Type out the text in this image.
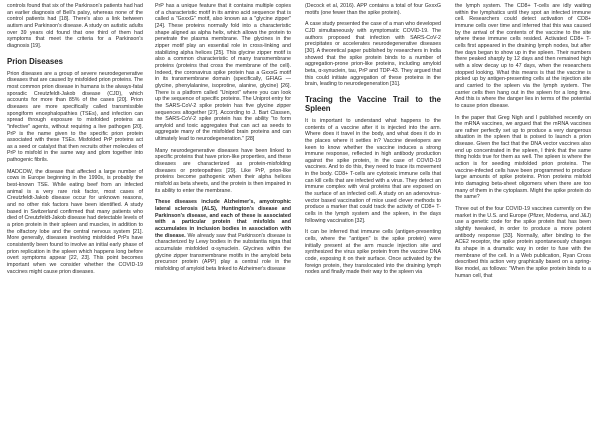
controls found that six of the Parkinson's patients had had an earlier diagnosis of Bell's palsy, whereas none of the control patients had [18]. There's also a link between autism and Parkinson's disease. A study on autistic adults over 39 years old found that one third of them had symptoms that meet the criteria for a Parkinson's diagnosis [19].

Prion Diseases

Prion diseases are a group of severe neurodegenerative diseases that are caused by misfolded prion proteins. The most common prion disease in humans is the always-fatal sporadic Creutzfeldt-Jakob disease (CJD), which accounts for more than 85% of the cases [20]. Prion diseases are more specifically called transmissible spongiform encephalopathies (TSEs), and infection can spread through exposure to misfolded proteins as "infective" agents, without requiring a live pathogen [20]. PrP is the name given to the specific prion protein associated with these TSEs. Misfolded PrP proteins act as a seed or catalyst that then recruits other molecules of PrP to misfold in the same way and glom together into pathogenic fibrils.

MADCOW, the disease that affected a large number of cows in Europe beginning in the 1990s, is probably the best-known TSE. While eating beef from an infected animal is a very rare risk factor, most cases of Creutzfeldt-Jakob disease occur for unknown reasons, and no other risk factors have been identified. A study based in Switzerland confirmed that many patients who died of Creutzfeldt-Jakob disease had detectable levels of a prion protein in their spleen and muscles, in addition to the olfactory lobe and the central nervous system [21]. More generally, diseases involving misfolded PrPs have consistently been found to involve an initial early phase of prion replication in the spleen which happens long before overt symptoms appear [22, 23]. This point becomes important when we consider whether the COVID-19 vaccines might cause prion diseases.

PrP has a unique feature that it contains multiple copies of a characteristic motif in its amino acid sequence that is called a "GxxxG" motif, also known as a "glycine zipper" [24]. These proteins normally fold into a characteristic shape aligned as alpha helix, which allows the protein to penetrate the plasma membrane. The glycines in the zipper motif play an essential role in cross-linking and stabilizing alpha helices [25]. This glycine zipper motif is also a common characteristic of many transmembrane proteins (proteins that cross the membrane of the cell). Indeed, the coronavirus spike protein has a GxxxG motif in its transmembrane domain (specifically, GFIAG — glycine, phenylalanine, isoprotine, alanine, glycine) [26]. There is a platform called "Uniprot" where you can look up the sequence of specific proteins. The Uniprot entry for the SARS-CoV-2 spike protein has five glycine zipper sequences altogether [27]. According to J. Bart Classen, the SARS-CoV-2 spike protein has the ability "to form amyloid and toxic aggregates that can act as seeds to aggregate many of the misfolded brain proteins and can ultimately lead to neurodegeneration." [28]

Many neurodegenerative diseases have been linked to specific proteins that have prion-like properties, and these diseases are characterized as protein-misfolding diseases or proteopathies [29]. Like PrP, prion-like proteins become pathogenic when their alpha helices misfold as beta sheets, and the protein is then impaired in its ability to enter the membrane.

These diseases include Alzheimer's, amyotrophic lateral sclerosis (ALS), Huntington's disease and Parkinson's disease, and each of these is associated with a particular protein that misfolds and accumulates in inclusion bodies in association with the disease. We already saw that Parkinson's disease is characterized by Lewy bodies in the substantia nigra that accumulate misfolded α-synuclein. Glycines within the glycine zipper transmembrane motifs in the amyloid beta precursor protein (APP) play a central role in the misfolding of amyloid beta linked to Alzheimer's disease

(Decock et al, 2016). APP contains a total of four GxxxG motifs (one fewer than the spike protein).

A case study presented the case of a man who developed CJD simultaneously with symptomatic COVID-19. The authors proposed that infection with SARS-CoV-2 precipitates or accelerates neurodegenerative diseases [30]. A theoretical paper published by researchers in India showed that the spike protein binds to a number of aggregation-prone prion-like proteins, including amyloid beta, α-synuclein, tau, PrP and TDP-43. They argued that this could initiate aggregation of these proteins in the brain, leading to neurodegeneration [31].

Tracing the Vaccine Trail to the Spleen

It is important to understand what happens to the contents of a vaccine after it is injected into the arm. Where does it travel in the body, and what does it do in the places where it settles in? Vaccine developers are keen to know whether the vaccine induces a strong immune response, reflected in high antibody production against the spike protein, in the case of COVID-19 vaccines. And to do this, they need to trace its movement in the body. CD8+ T-cells are cytotoxic immune cells that can kill cells that are infected with a virus. They detect an immune complex with viral proteins that are exposed on the surface of an infected cell. A study on an adenovirus-vector based vaccination of mice used clever methods to produce a marker that could track the activity of CD8+ T-cells in the lymph system and the spleen, in the days following vaccination [32].

It can be inferred that immune cells (antigen-presenting cells, where the "antigen" is the spike protein) were initially present at the arm muscle injection site and synthesized the virus spike protein from the vaccine DNA code, exposing it on their surface. Once activated by the foreign protein, they translocated into the draining lymph nodes and finally made their way to the spleen via

the lymph system. The CD8+ T-cells are idly waiting within the lymphatics until they spot an infected immune cell. Researchers could detect activation of CD8+ immune cells over time and inferred that this was caused by the arrival of the contents of the vaccine to the site where these immune cells resided. Activated CD8+ T-cells first appeared in the draining lymph nodes, but after five days began to show up in the spleen. Their numbers there peaked sharply by 12 days and then remained high with a slow decay up to 47 days, when the researchers stopped looking. What this means is that the vaccine is picked up by antigen-presenting cells at the injection site and carried to the spleen via the lymph system. The carrier cells then hang out in the spleen for a long time. And this is where the danger lies in terms of the potential to cause prion disease.

In the paper that Greg Nigh and I published recently on the mRNA vaccines, we argued that the mRNA vaccines are rather perfectly set up to produce a very dangerous situation in the spleen that is poised to launch a prion disease. Given the fact that the DNA vector vaccines also end up concentrated in the spleen, I think that the same thing holds true for them as well. The spleen is where the action is for seeding misfolded prion proteins. The vaccine-infected cells have been programmed to produce large amounts of spike proteins. Prion proteins misfold into damaging beta-sheet oligomers when there are too many of them in the cytoplasm. Might the spike protein do the same?

Three out of the four COVID-19 vaccines currently on the market in the U.S. and Europe (Pfizer, Moderna, and J&J) use a genetic code for the spike protein that has been slightly tweaked, in order to produce a more potent antibody response [33]. Normally, after binding to the ACE2 receptor, the spike protein spontaneously changes its shape in a dramatic way in order to fuse with the membrane of the cell. In a Web publication, Ryan Cross described this action very graphically based on a spring-like model, as follows: "When the spike protein binds to a human cell, that
